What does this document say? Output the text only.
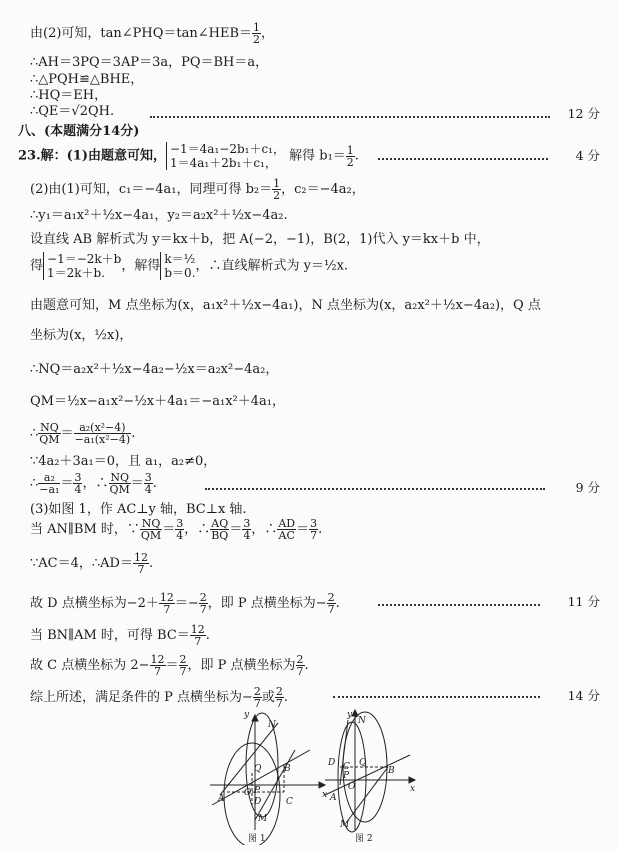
由(2)可知，tan∠PHQ＝tan∠HEB＝ $\frac{1}{2}$ ，
∴AH＝3PQ＝3AP＝3a，PQ＝BH＝a，
∴△PQH≌△BHE，
∴HQ＝EH，
∴QE＝√2QH.	12 分
八、(本题满分14分)
23.解：(1)由题意可知， −1＝4a₁−2b₁＋c₁，
1＝4a₁＋2b₁＋c₁， 解得 $b_1= \frac{1}{2}$ .	4 分
(2)由(1)可知，c₁＝−4a₁，同理可得 $b_2= \frac{1}{2}$ ，c₂＝−4a₂，
∴y₁＝a₁x²＋½x−4a₁，y₂＝a₂x²＋½x−4a₂.
设直线 AB 解析式为 y＝kx＋b，把 A(−2，−1)，B(2，1)代入 y＝kx＋b 中，
得 −1＝−2k＋b
1＝2k＋b.	，解得 k＝½
b＝0. ，∴直线解析式为 y＝½x.
由题意可知，M 点坐标为(x，a₁x²＋½x−4a₁)，N 点坐标为(x，a₂x²＋½x−4a₂)，Q 点
坐标为(x，½x)，
∴NQ＝a₂x²＋½x−4a₂−½x＝a₂x²−4a₂，
QM＝½x−a₁x²−½x＋4a₁＝−a₁x²＋4a₁，
∴ $\frac{NQ}{QM} = \frac{\text{a₂(x²−4)}}{\text{−a₁(x²−4)}}$ .
∵4a₂＋3a₁＝0，且 a₁，a₂≠0，
∴ $\frac{\text{a₂}}{\text{−a₁}} = \frac{3}{4}$ ，∴ $\frac{NQ}{QM} = \frac{3}{4}$ .	9 分
(3)如图 1，作 AC⊥y 轴，BC⊥x 轴.
当 AN∥BM 时，∵ $\frac{NQ}{QM} = \frac{3}{4}$ ，∴ $\frac{AQ}{BQ} = \frac{3}{4}$ ，∴ $\frac{AD}{AC} = \frac{3}{7}$ .
∵AC＝4，∴AD＝ $\frac{12}{7}$ .
故 D 点横坐标为$-2+ \frac{12}{7} =- \frac{2}{7}$ ，即 P 点横坐标为− $\frac{2}{7}$ .	11 分
当 BN∥AM 时，可得 $BC= \frac{12}{7}$ .
故 C 点横坐标为 $2- \frac{12}{7} = \frac{2}{7}$ ，即 P 点横坐标为 $\frac{2}{7}$ .
综上所述，满足条件的 P 点横坐标为− $\frac{2}{7}$ 或 $\frac{2}{7}$ .	14 分
y
N
Q	B
O P	x
A	D	C
M
图 1
y
N
D C Q
B
P
O	x
A
M
图 2
